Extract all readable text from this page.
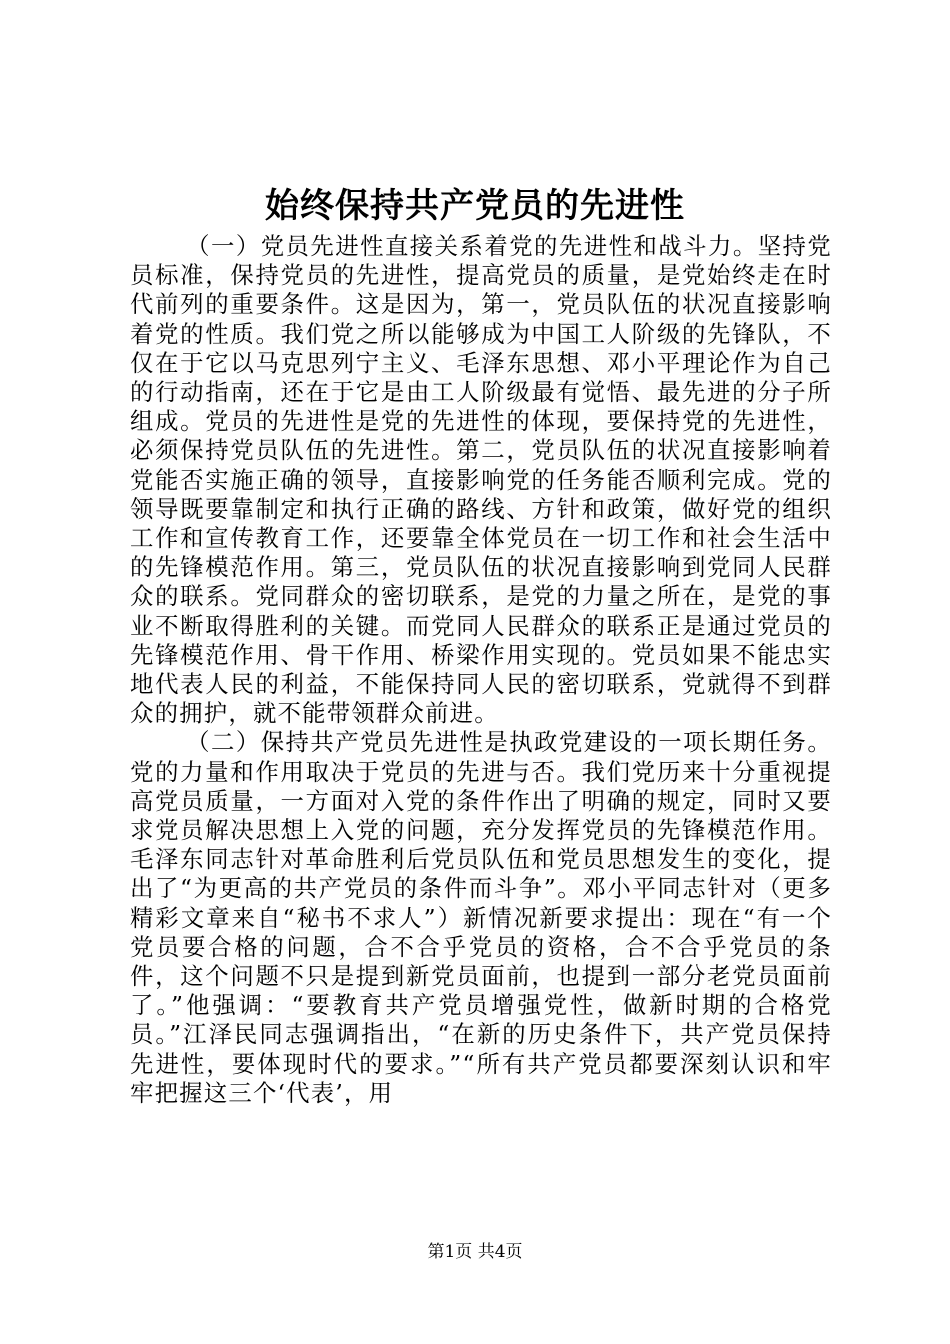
始终保持共产党员的先进性

（一）党员先进性直接关系着党的先进性和战斗力。坚持党员标准，保持党员的先进性，提高党员的质量，是党始终走在时代前列的重要条件。这是因为，第一，党员队伍的状况直接影响着党的性质。我们党之所以能够成为中国工人阶级的先锋队，不仅在于它以马克思列宁主义、毛泽东思想、邓小平理论作为自己的行动指南，还在于它是由工人阶级最有觉悟、最先进的分子所组成。党员的先进性是党的先进性的体现，要保持党的先进性，必须保持党员队伍的先进性。第二，党员队伍的状况直接影响着党能否实施正确的领导，直接影响党的任务能否顺利完成。党的领导既要靠制定和执行正确的路线、方针和政策，做好党的组织工作和宣传教育工作，还要靠全体党员在一切工作和社会生活中的先锋模范作用。第三，党员队伍的状况直接影响到党同人民群众的联系。党同群众的密切联系，是党的力量之所在，是党的事业不断取得胜利的关键。而党同人民群众的联系正是通过党员的先锋模范作用、骨干作用、桥梁作用实现的。党员如果不能忠实地代表人民的利益，不能保持同人民的密切联系，党就得不到群众的拥护，就不能带领群众前进。

（二）保持共产党员先进性是执政党建设的一项长期任务。党的力量和作用取决于党员的先进与否。我们党历来十分重视提高党员质量，一方面对入党的条件作出了明确的规定，同时又要求党员解决思想上入党的问题，充分发挥党员的先锋模范作用。毛泽东同志针对革命胜利后党员队伍和党员思想发生的变化，提出了“为更高的共产党员的条件而斗争”。邓小平同志针对（更多精彩文章来自“秘书不求人”）新情况新要求提出：现在“有一个党员要合格的问题，合不合乎党员的资格，合不合乎党员的条件，这个问题不只是提到新党员面前，也提到一部分老党员面前了。”他强调：“要教育共产党员增强党性，做新时期的合格党员。”江泽民同志强调指出，“在新的历史条件下，共产党员保持先进性，要体现时代的要求。”“所有共产党员都要深刻认识和牢牢把握这三个‘代表’，用

第1页 共4页
